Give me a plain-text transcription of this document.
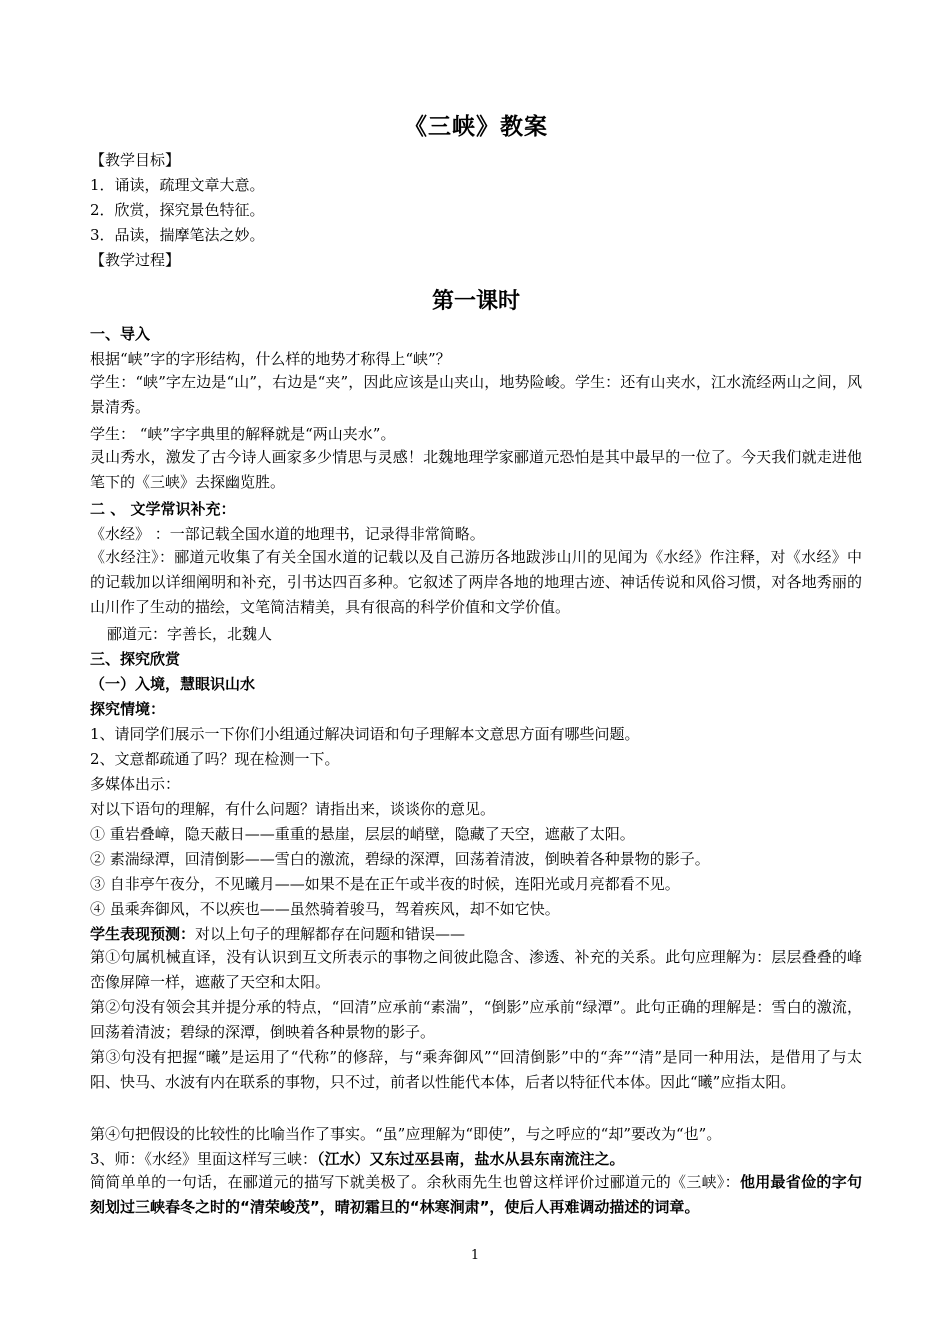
《三峡》教案
【教学目标】
1．诵读，疏理文章大意。
2．欣赏，探究景色特征。
3．品读，揣摩笔法之妙。
【教学过程】
第一课时
一、导入
根据“峡”字的字形结构，什么样的地势才称得上“峡”？
学生：“峡”字左边是“山”，右边是“夹”，因此应该是山夹山，地势险峻。学生：还有山夹水，江水流经两山之间，风景清秀。
学生： “峡”字字典里的解释就是“两山夹水”。
灵山秀水，激发了古今诗人画家多少情思与灵感！北魏地理学家郦道元恐怕是其中最早的一位了。今天我们就走进他笔下的《三峡》去探幽览胜。
二 、 文学常识补充：
《水经》 ：一部记载全国水道的地理书，记录得非常简略。
《水经注》：郦道元收集了有关全国水道的记载以及自己游历各地跋涉山川的见闻为《水经》作注释，对《水经》中的记载加以详细阐明和补充，引书达四百多种。它叙述了两岸各地的地理古迹、神话传说和风俗习惯，对各地秀丽的山川作了生动的描绘，文笔简洁精美，具有很高的科学价值和文学价值。
郦道元：字善长，北魏人
三、探究欣赏
（一）入境，慧眼识山水
探究情境：
1、请同学们展示一下你们小组通过解决词语和句子理解本文意思方面有哪些问题。
2、文意都疏通了吗？现在检测一下。
多媒体出示：
对以下语句的理解，有什么问题？请指出来，谈谈你的意见。
① 重岩叠嶂，隐天蔽日——重重的悬崖，层层的峭壁，隐藏了天空，遮蔽了太阳。
② 素湍绿潭，回清倒影——雪白的激流，碧绿的深潭，回荡着清波，倒映着各种景物的影子。
③ 自非亭午夜分，不见曦月——如果不是在正午或半夜的时候，连阳光或月亮都看不见。
④ 虽乘奔御风，不以疾也——虽然骑着骏马，驾着疾风，却不如它快。
学生表现预测：对以上句子的理解都存在问题和错误——
第①句属机械直译，没有认识到互文所表示的事物之间彼此隐含、渗透、补充的关系。此句应理解为：层层叠叠的峰峦像屏障一样，遮蔽了天空和太阳。
第②句没有领会其并提分承的特点，“回清”应承前“素湍”，“倒影”应承前“绿潭”。此句正确的理解是：雪白的激流，回荡着清波；碧绿的深潭，倒映着各种景物的影子。
第③句没有把握“曦”是运用了“代称”的修辞，与“乘奔御风”“回清倒影”中的“奔”“清”是同一种用法，是借用了与太阳、快马、水波有内在联系的事物，只不过，前者以性能代本体，后者以特征代本体。因此“曦”应指太阳。
第④句把假设的比较性的比喻当作了事实。“虽”应理解为“即使”，与之呼应的“却”要改为“也”。
3、师：《水经》里面这样写三峡：（江水）又东过巫县南，盐水从县东南流注之。
简简单单的一句话，在郦道元的描写下就美极了。余秋雨先生也曾这样评价过郦道元的《三峡》：他用最省俭的字句刻划过三峡春冬之时的“清荣峻茂”，晴初霜旦的“林寒涧肃”，使后人再难调动描述的词章。
1
